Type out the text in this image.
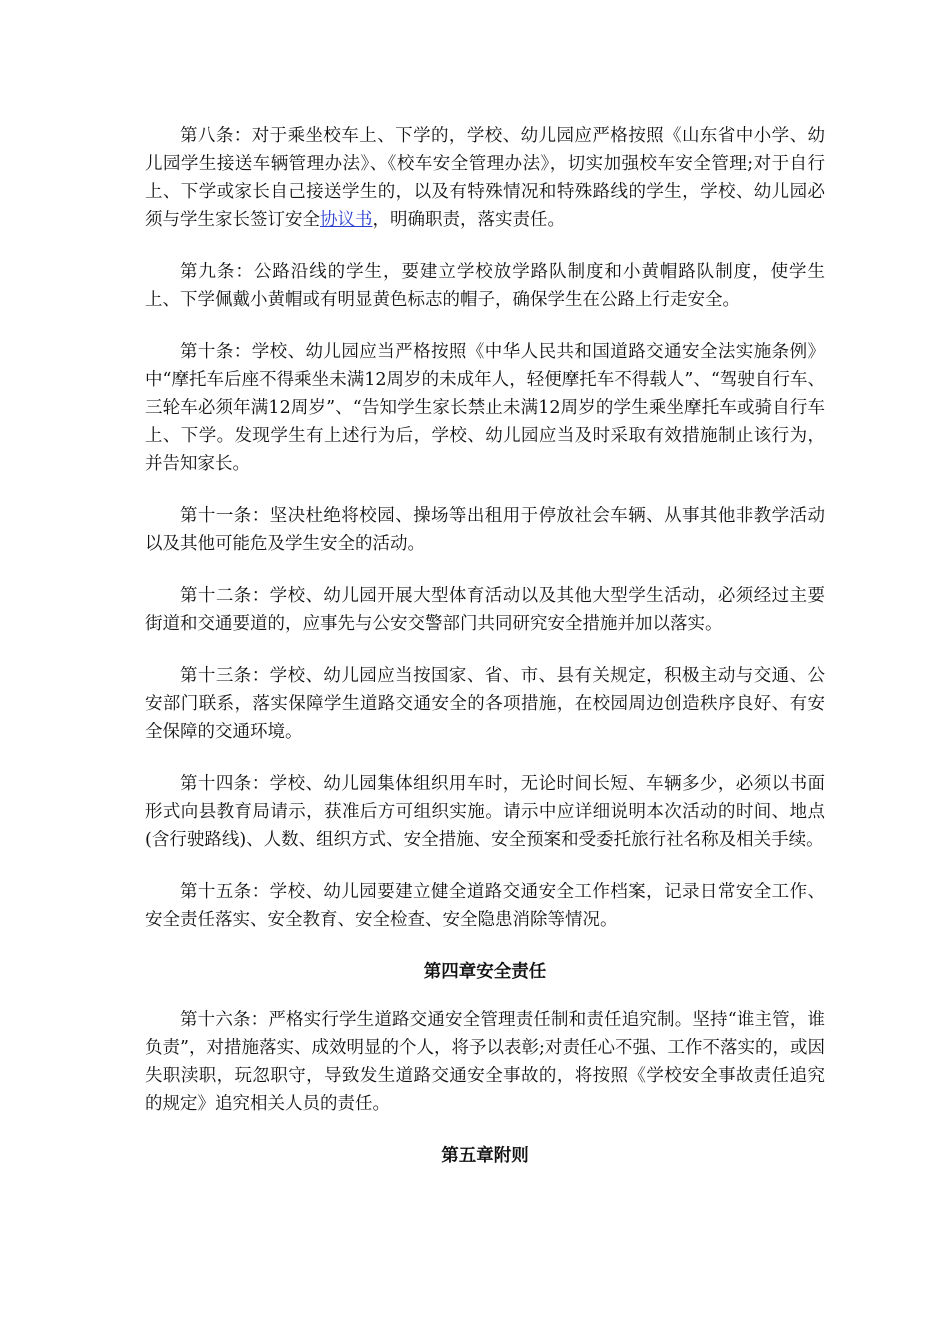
第八条：对于乘坐校车上、下学的，学校、幼儿园应严格按照《山东省中小学、幼儿园学生接送车辆管理办法》、《校车安全管理办法》，切实加强校车安全管理;对于自行上、下学或家长自己接送学生的，以及有特殊情况和特殊路线的学生，学校、幼儿园必须与学生家长签订安全协议书，明确职责，落实责任。

第九条：公路沿线的学生，要建立学校放学路队制度和小黄帽路队制度，使学生上、下学佩戴小黄帽或有明显黄色标志的帽子，确保学生在公路上行走安全。

第十条：学校、幼儿园应当严格按照《中华人民共和国道路交通安全法实施条例》中“摩托车后座不得乘坐未满12周岁的未成年人，轻便摩托车不得载人”、“驾驶自行车、三轮车必须年满12周岁”、“告知学生家长禁止未满12周岁的学生乘坐摩托车或骑自行车上、下学。发现学生有上述行为后，学校、幼儿园应当及时采取有效措施制止该行为，并告知家长。

第十一条：坚决杜绝将校园、操场等出租用于停放社会车辆、从事其他非教学活动以及其他可能危及学生安全的活动。

第十二条：学校、幼儿园开展大型体育活动以及其他大型学生活动，必须经过主要街道和交通要道的，应事先与公安交警部门共同研究安全措施并加以落实。

第十三条：学校、幼儿园应当按国家、省、市、县有关规定，积极主动与交通、公安部门联系，落实保障学生道路交通安全的各项措施，在校园周边创造秩序良好、有安全保障的交通环境。

第十四条：学校、幼儿园集体组织用车时，无论时间长短、车辆多少，必须以书面形式向县教育局请示，获准后方可组织实施。请示中应详细说明本次活动的时间、地点(含行驶路线)、人数、组织方式、安全措施、安全预案和受委托旅行社名称及相关手续。

第十五条：学校、幼儿园要建立健全道路交通安全工作档案，记录日常安全工作、安全责任落实、安全教育、安全检查、安全隐患消除等情况。

第四章安全责任

第十六条：严格实行学生道路交通安全管理责任制和责任追究制。坚持“谁主管，谁负责”，对措施落实、成效明显的个人，将予以表彰;对责任心不强、工作不落实的，或因失职渎职，玩忽职守，导致发生道路交通安全事故的，将按照《学校安全事故责任追究的规定》追究相关人员的责任。

第五章附则
